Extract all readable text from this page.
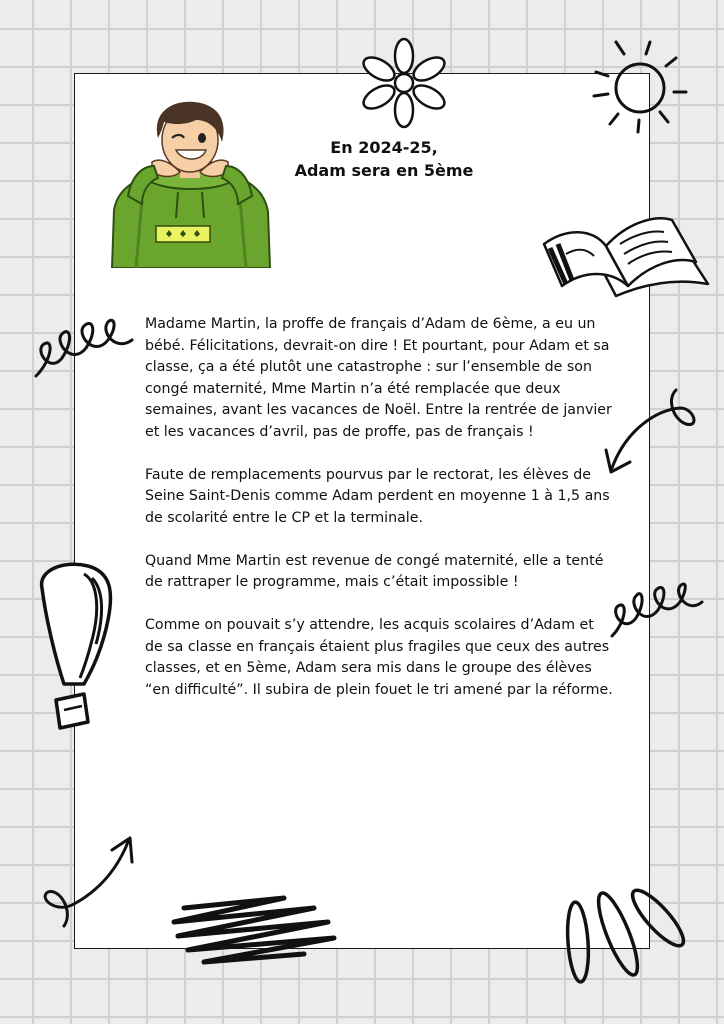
En 2024-25,
Adam sera en 5ème

Madame Martin, la proffe de français d’Adam de 6ème, a eu un bébé. Félicitations, devrait-on dire ! Et pourtant, pour Adam et sa classe, ça a été plutôt une catastrophe : sur l’ensemble de son congé maternité, Mme Martin n’a été remplacée que deux semaines, avant les vacances de Noël. Entre la rentrée de janvier et les vacances d’avril, pas de proffe, pas de français !

Faute de remplacements pourvus par le rectorat, les élèves de Seine Saint-Denis comme Adam perdent en moyenne 1 à 1,5 ans de scolarité entre le CP et la terminale.

Quand Mme Martin est revenue de congé maternité, elle a tenté de rattraper le programme, mais c’était impossible !

Comme on pouvait s’y attendre, les acquis scolaires d’Adam et de sa classe en français étaient plus fragiles que ceux des autres classes, et en 5ème, Adam sera mis dans le groupe des élèves “en difficulté”. Il subira de plein fouet le tri amené par la réforme.
